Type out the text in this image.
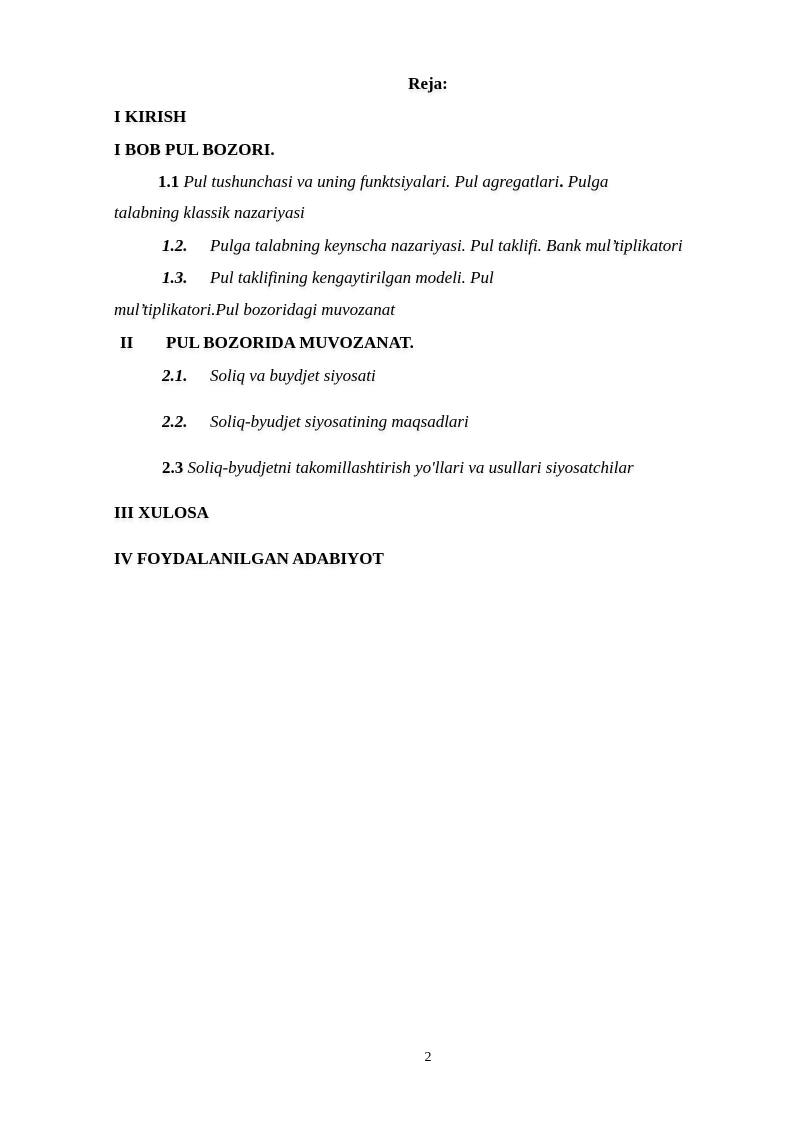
Reja:
I KIRISH
I BOB PUL BOZORI.
1.1 Pul tushunchasi va uning funktsiyalari. Pul agregatlari. Pulga
talabning klassik nazariyasi
1.2. Pulga talabning keynscha nazariyasi. Pul taklifi. Bank mul’tiplikatori
1.3. Pul taklifining kengaytirilgan modeli. Pul
mul’tiplikatori.Pul bozoridagi muvozanat
II PUL BOZORIDA MUVOZANAT.
2.1. Soliq va buydjet siyosati
2.2. Soliq-byudjet siyosatining maqsadlari
2.3 Soliq-byudjetni takomillashtirish yo'llari va usullari siyosatchilar
III XULOSA
IV FOYDALANILGAN ADABIYOT
2
